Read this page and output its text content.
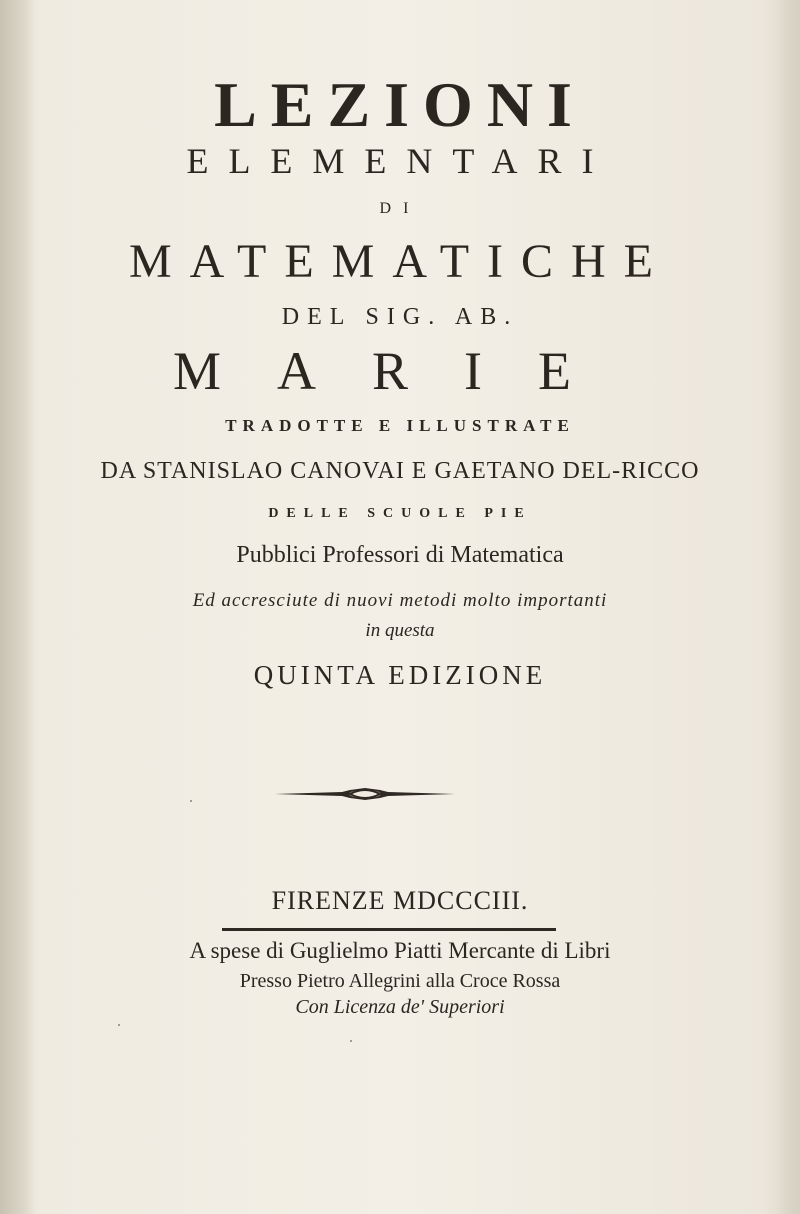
LEZIONI
ELEMENTARI
DI
MATEMATICHE
DEL SIG. AB.
MARIE
TRADOTTE E ILLUSTRATE
DA STANISLAO CANOVAI E GAETANO DEL-RICCO
DELLE SCUOLE PIE
Pubblici Professori di Matematica
Ed accresciute di nuovi metodi molto importanti
in questa
QUINTA EDIZIONE
FIRENZE MDCCCIII.
A spese di Guglielmo Piatti Mercante di Libri
Presso Pietro Allegrini alla Croce Rossa
Con Licenza de' Superiori
